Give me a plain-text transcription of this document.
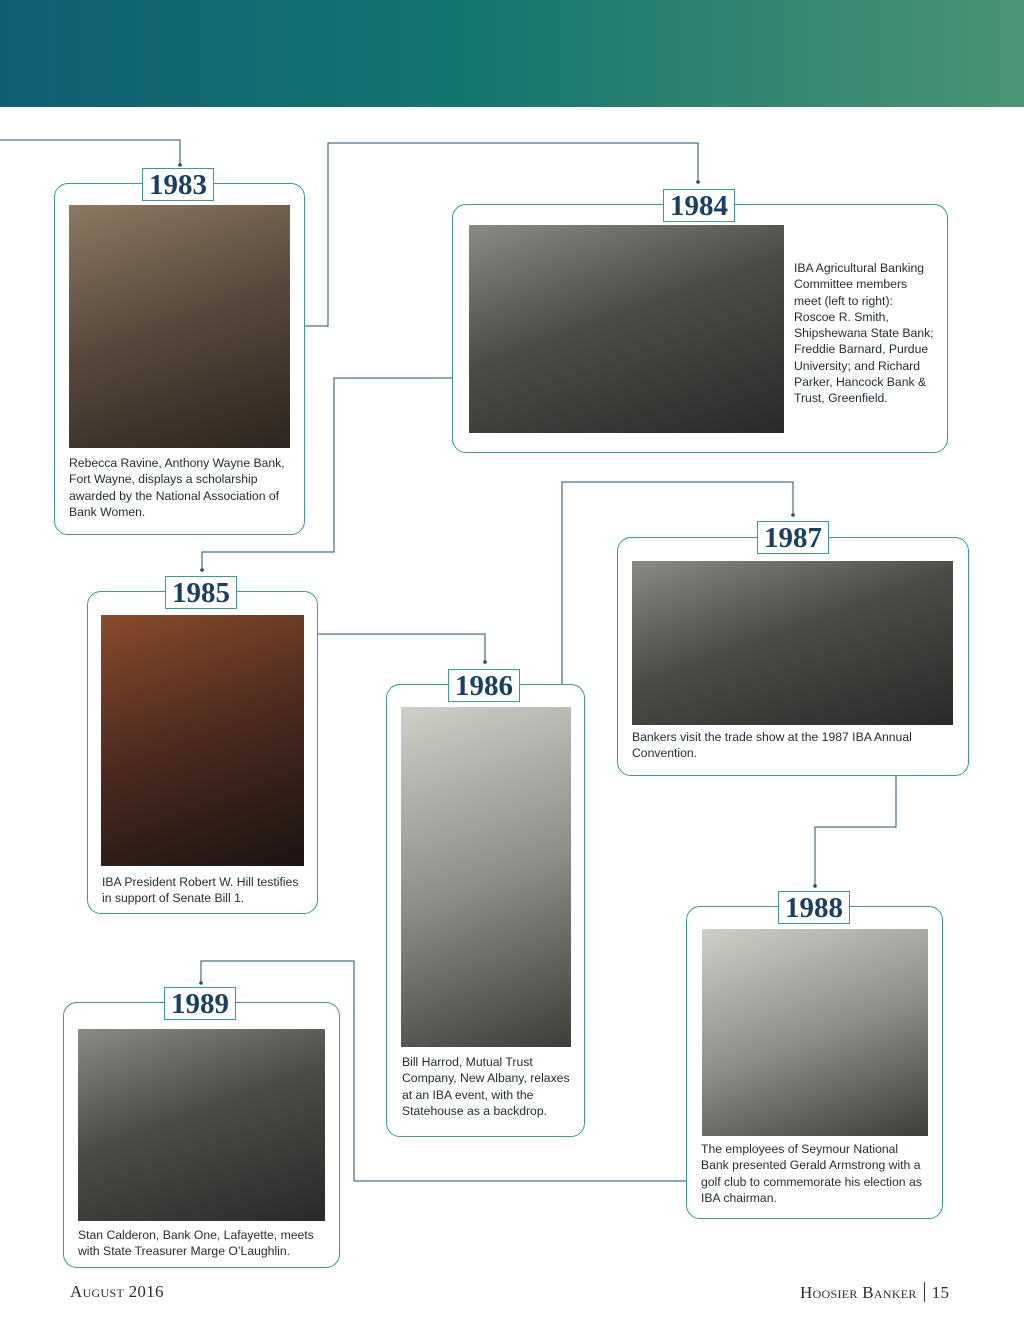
1983
Rebecca Ravine, Anthony Wayne Bank, Fort Wayne, displays a scholarship awarded by the National Association of Bank Women.
1984
IBA Agricultural Banking Committee members meet (left to right): Roscoe R. Smith, Shipshewana State Bank; Freddie Barnard, Purdue University; and Richard Parker, Hancock Bank & Trust, Greenfield.
1985
IBA President Robert W. Hill testifies in support of Senate Bill 1.
1986
Bill Harrod, Mutual Trust Company, New Albany, relaxes at an IBA event, with the Statehouse as a backdrop.
1987
Bankers visit the trade show at the 1987 IBA Annual Convention.
1988
The employees of Seymour National Bank presented Gerald Armstrong with a golf club to commemorate his election as IBA chairman.
1989
Stan Calderon, Bank One, Lafayette, meets with State Treasurer Marge O’Laughlin.
August 2016	Hoosier Banker 15
